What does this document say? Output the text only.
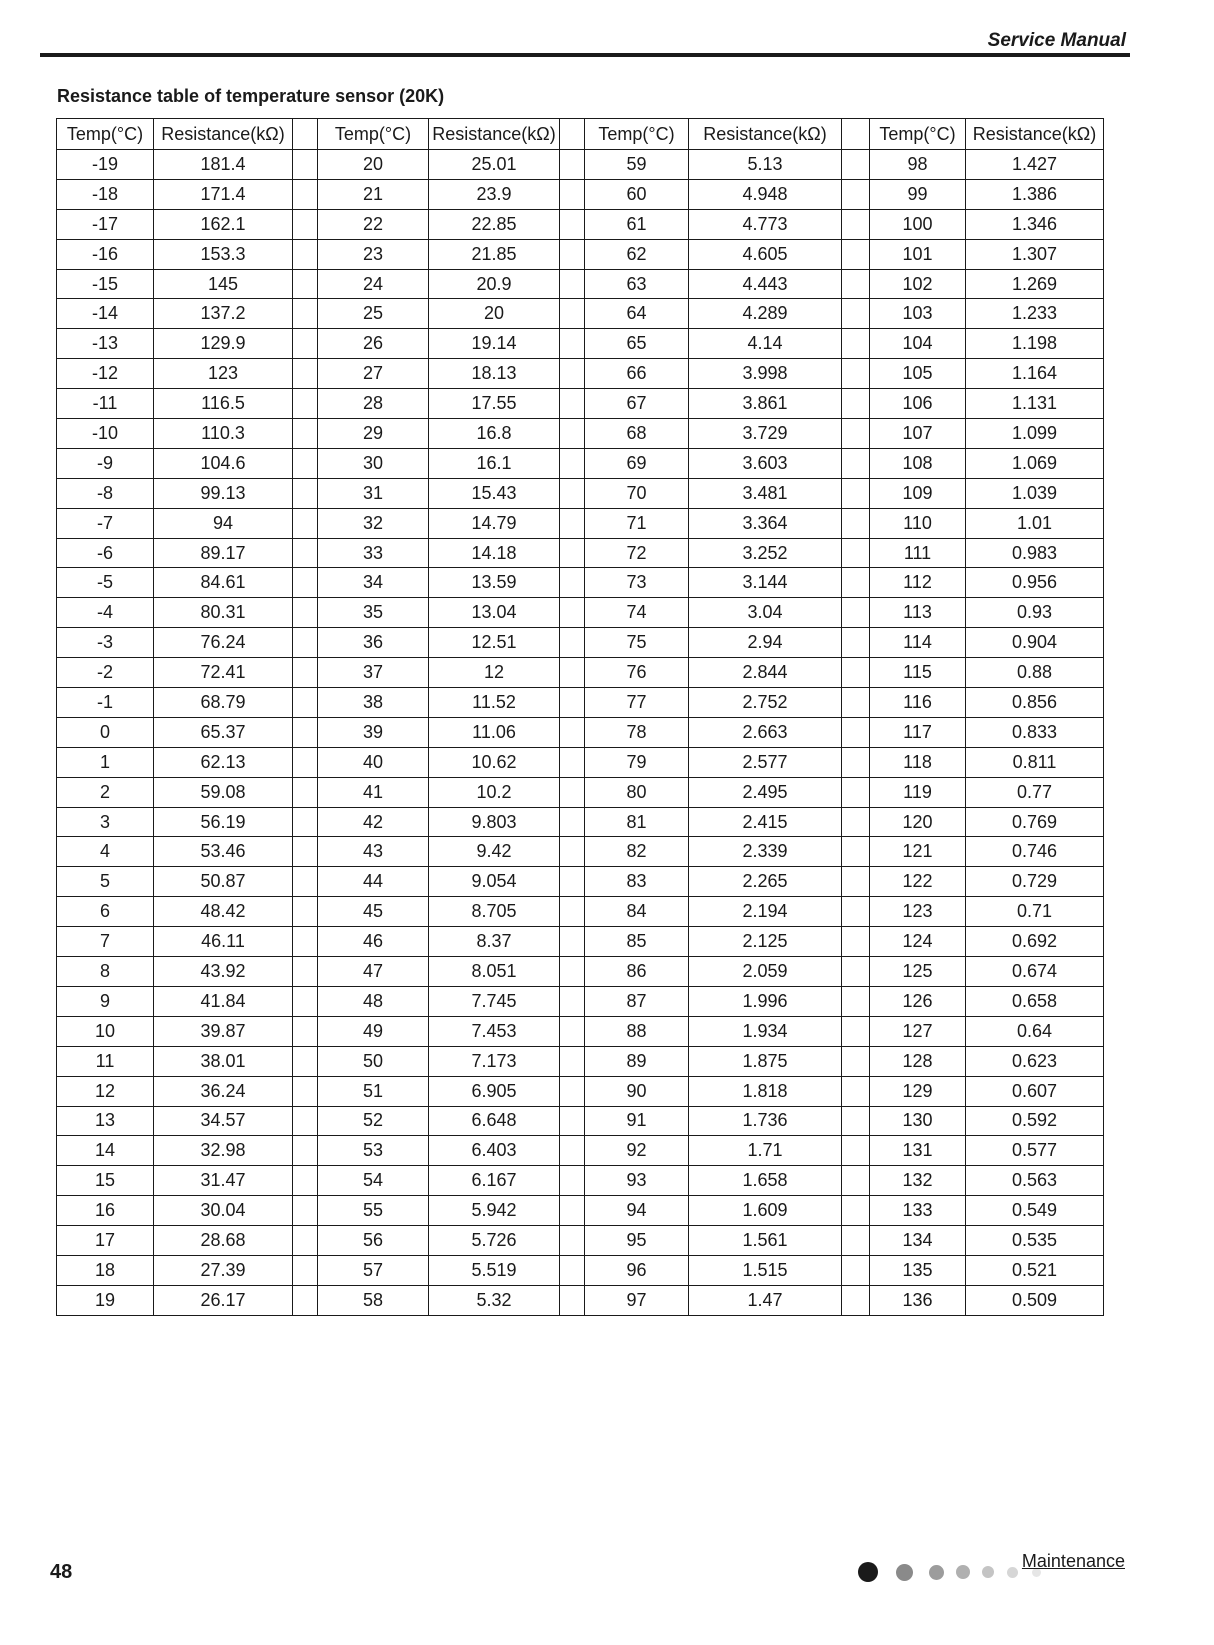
Service Manual
Resistance table of temperature sensor (20K)
Temp(°C)	Resistance(kΩ)		Temp(°C)	Resistance(kΩ)		Temp(°C)	Resistance(kΩ)		Temp(°C)	Resistance(kΩ)
-19	181.4		20	25.01		59	5.13		98	1.427
-18	171.4		21	23.9		60	4.948		99	1.386
-17	162.1		22	22.85		61	4.773		100	1.346
-16	153.3		23	21.85		62	4.605		101	1.307
-15	145		24	20.9		63	4.443		102	1.269
-14	137.2		25	20		64	4.289		103	1.233
-13	129.9		26	19.14		65	4.14		104	1.198
-12	123		27	18.13		66	3.998		105	1.164
-11	116.5		28	17.55		67	3.861		106	1.131
-10	110.3		29	16.8		68	3.729		107	1.099
-9	104.6		30	16.1		69	3.603		108	1.069
-8	99.13		31	15.43		70	3.481		109	1.039
-7	94		32	14.79		71	3.364		110	1.01
-6	89.17		33	14.18		72	3.252		111	0.983
-5	84.61		34	13.59		73	3.144		112	0.956
-4	80.31		35	13.04		74	3.04		113	0.93
-3	76.24		36	12.51		75	2.94		114	0.904
-2	72.41		37	12		76	2.844		115	0.88
-1	68.79		38	11.52		77	2.752		116	0.856
0	65.37		39	11.06		78	2.663		117	0.833
1	62.13		40	10.62		79	2.577		118	0.811
2	59.08		41	10.2		80	2.495		119	0.77
3	56.19		42	9.803		81	2.415		120	0.769
4	53.46		43	9.42		82	2.339		121	0.746
5	50.87		44	9.054		83	2.265		122	0.729
6	48.42		45	8.705		84	2.194		123	0.71
7	46.11		46	8.37		85	2.125		124	0.692
8	43.92		47	8.051		86	2.059		125	0.674
9	41.84		48	7.745		87	1.996		126	0.658
10	39.87		49	7.453		88	1.934		127	0.64
11	38.01		50	7.173		89	1.875		128	0.623
12	36.24		51	6.905		90	1.818		129	0.607
13	34.57		52	6.648		91	1.736		130	0.592
14	32.98		53	6.403		92	1.71		131	0.577
15	31.47		54	6.167		93	1.658		132	0.563
16	30.04		55	5.942		94	1.609		133	0.549
17	28.68		56	5.726		95	1.561		134	0.535
18	27.39		57	5.519		96	1.515		135	0.521
19	26.17		58	5.32		97	1.47		136	0.509
48	Maintenance
